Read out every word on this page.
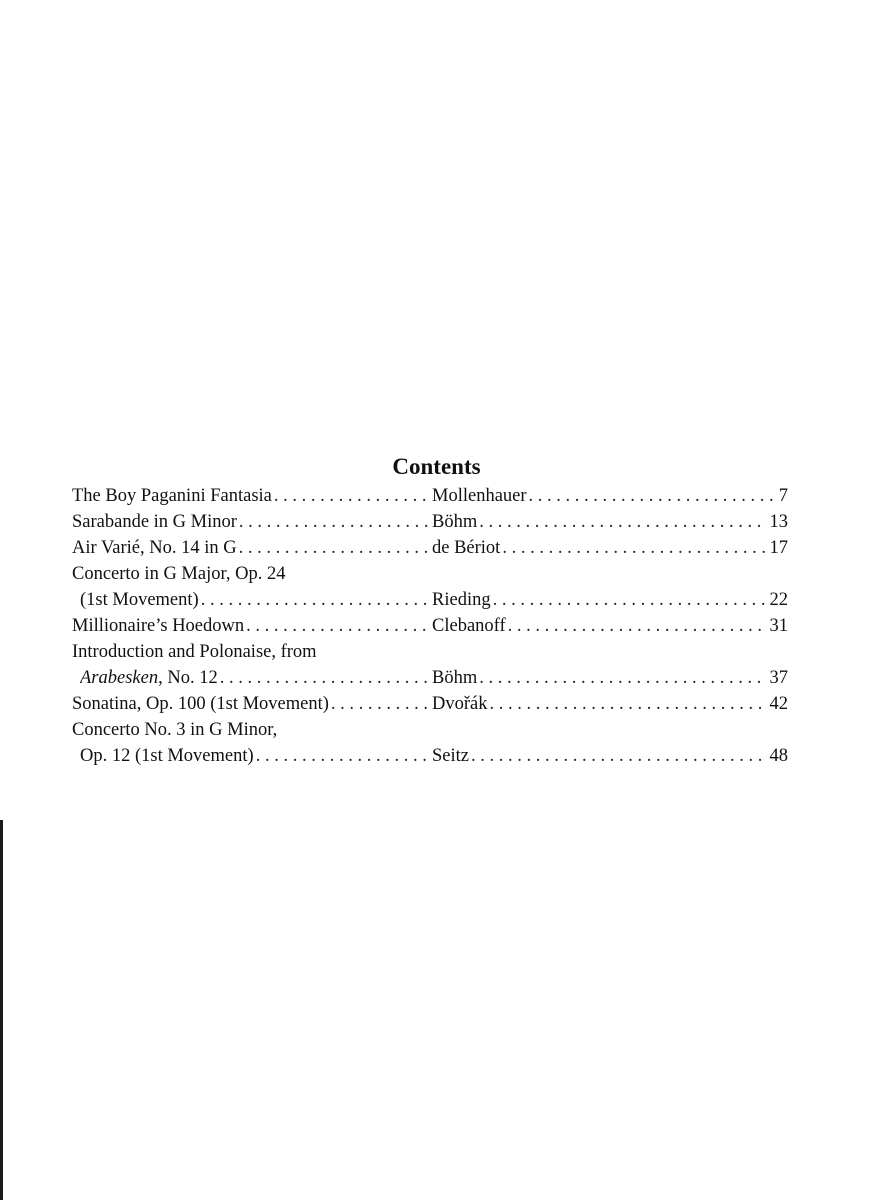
Contents
The Boy Paganini Fantasia . . .	Mollenhauer . . .	7
Sarabande in G Minor . . .	Böhm . . .	13
Air Varié, No. 14 in G . . .	de Bériot . . .	17
Concerto in G Major, Op. 24
(1st Movement) . . .	Rieding . . .	22
Millionaire’s Hoedown . . .	Clebanoff . . .	31
Introduction and Polonaise, from
Arabesken, No. 12 . . .	Böhm . . .	37
Sonatina, Op. 100 (1st Movement) . . .	Dvořák . . .	42
Concerto No. 3 in G Minor,
Op. 12 (1st Movement) . . .	Seitz . . .	48
